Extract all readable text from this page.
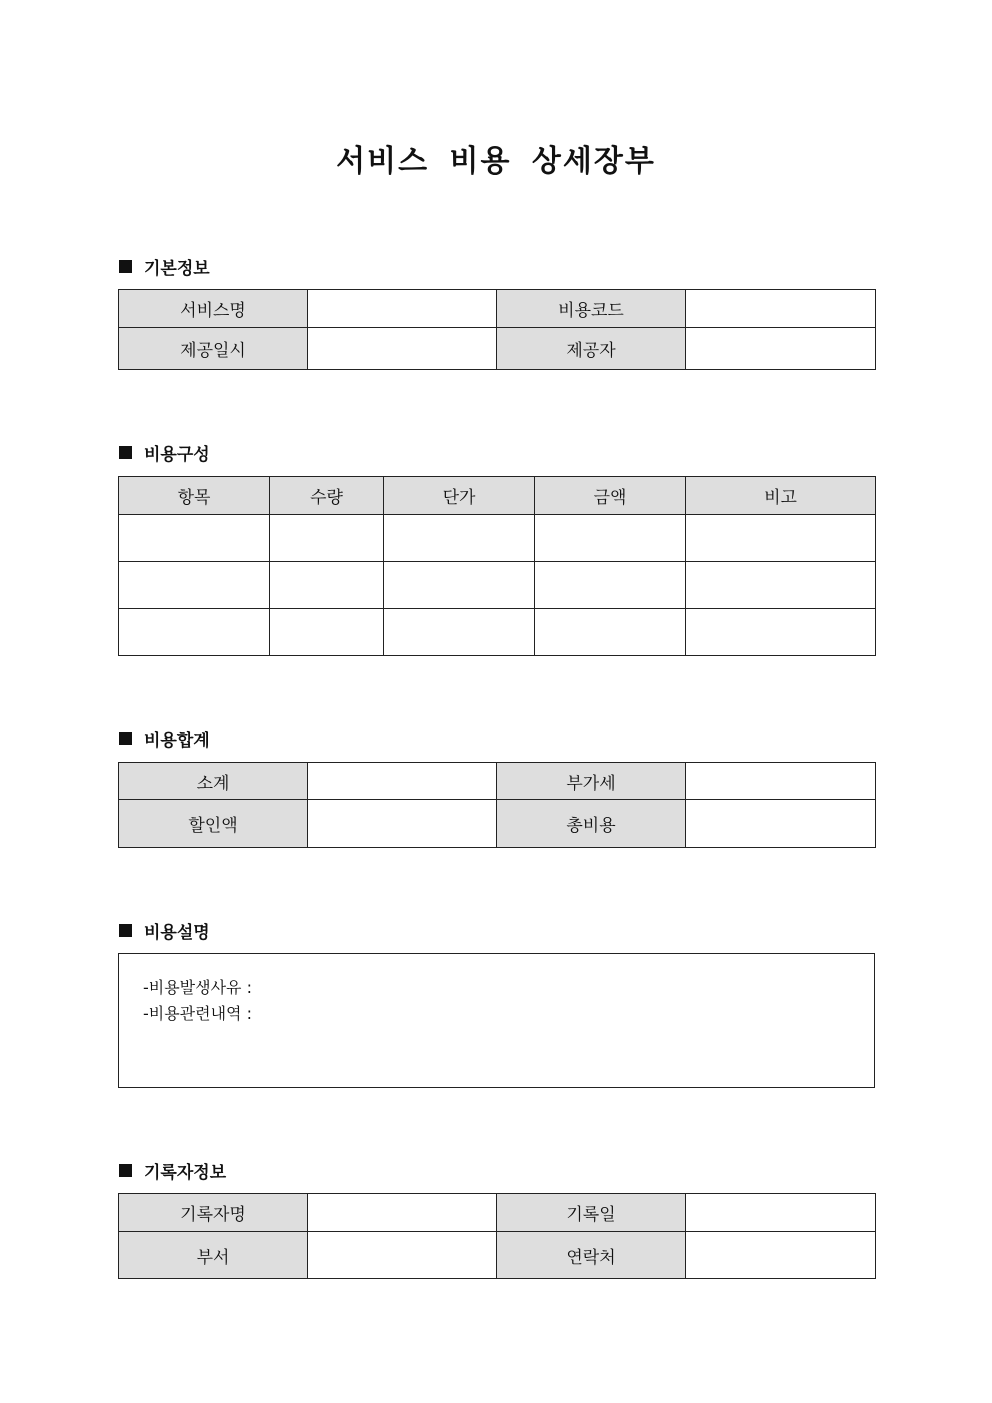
서비스 비용 상세장부
기본정보
서비스명		비용코드	
제공일시		제공자	
비용구성
항목	수량	단가	금액	비고

비용합계
소계		부가세	
할인액		총비용	
비용설명
-비용발생사유 :
-비용관련내역 :
기록자정보
기록자명		기록일	
부서		연락처	
